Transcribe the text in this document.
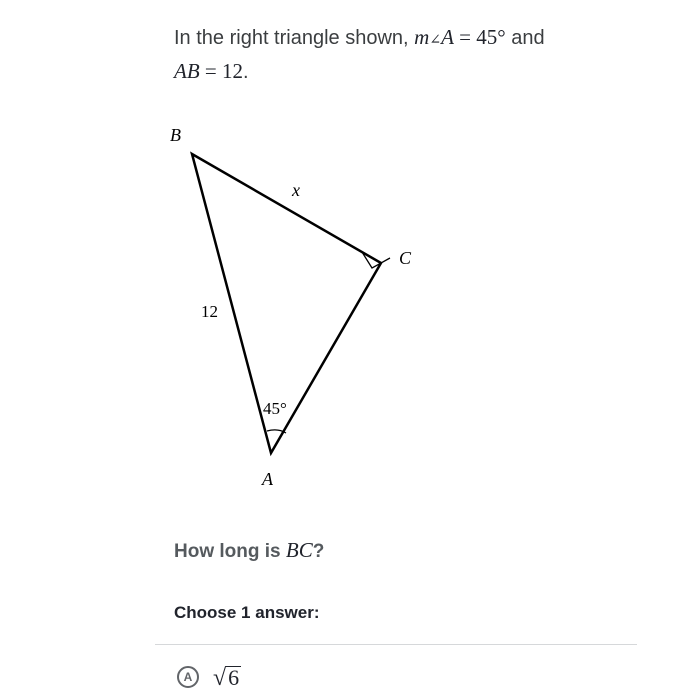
In the right triangle shown, m∠A = 45° and
AB = 12.
B
C
A
x
12
45°
How long is BC?
Choose 1 answer:
A √ 6
